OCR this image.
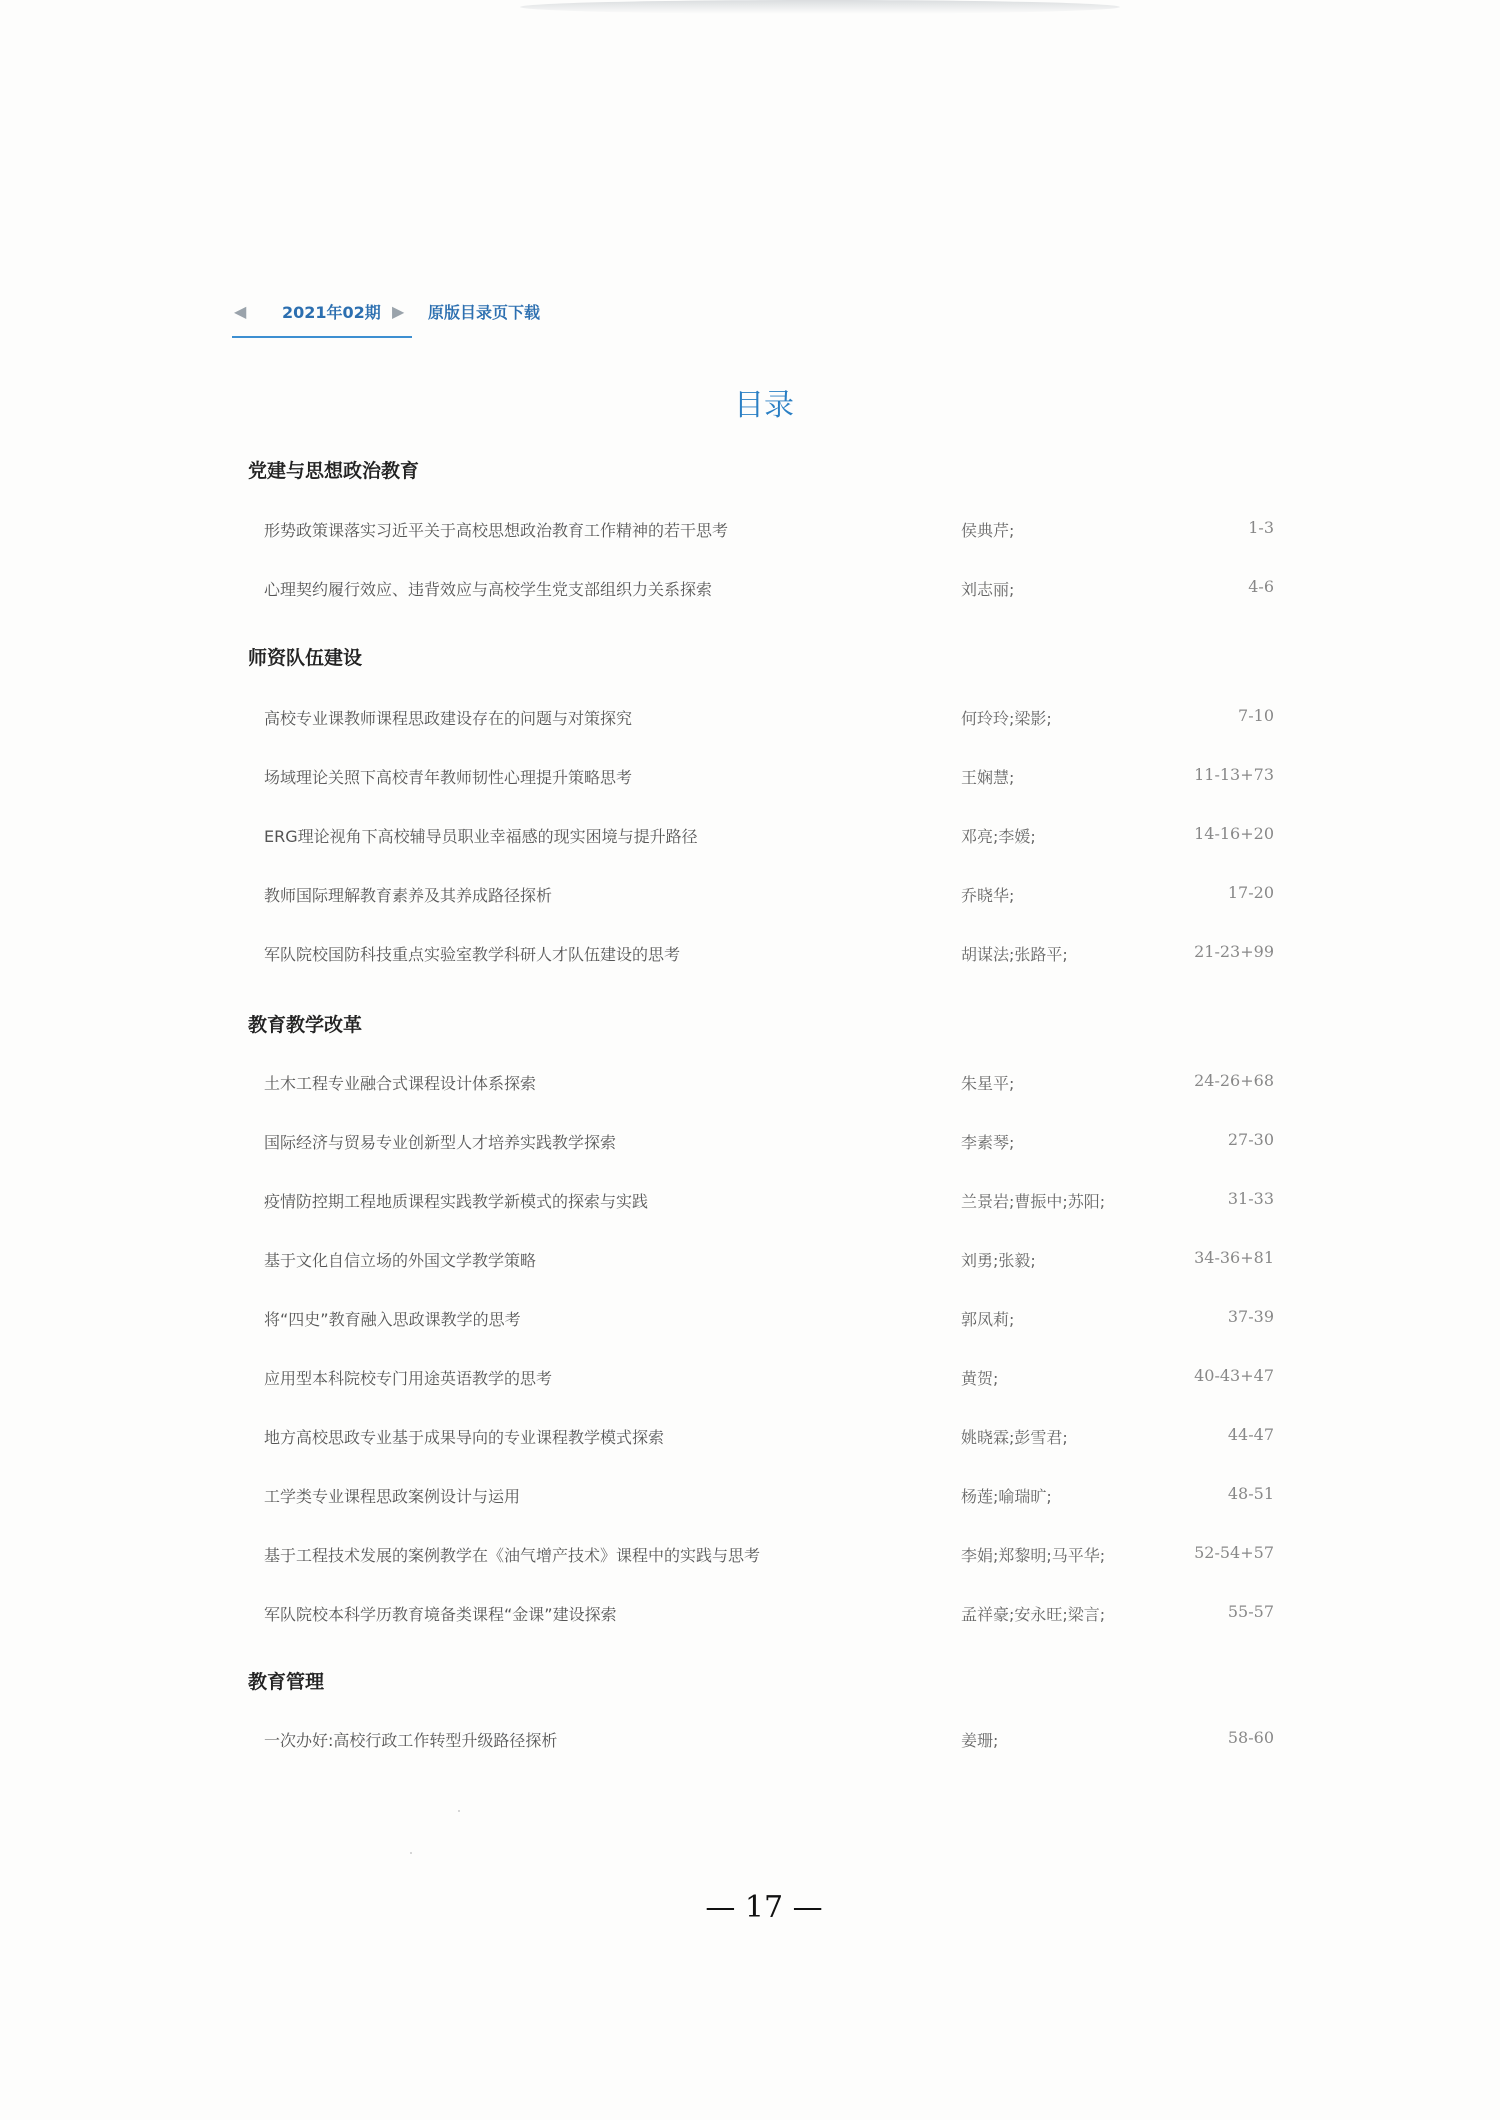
◀ 2021年02期 ▶ 原版目录页下载
目录
党建与思想政治教育
形势政策课落实习近平关于高校思想政治教育工作精神的若干思考	侯典芹;	1-3
心理契约履行效应、违背效应与高校学生党支部组织力关系探索	刘志丽;	4-6
师资队伍建设
高校专业课教师课程思政建设存在的问题与对策探究	何玲玲;梁影;	7-10
场域理论关照下高校青年教师韧性心理提升策略思考	王娴慧;	11-13+73
ERG理论视角下高校辅导员职业幸福感的现实困境与提升路径	邓亮;李媛;	14-16+20
教师国际理解教育素养及其养成路径探析	乔晓华;	17-20
军队院校国防科技重点实验室教学科研人才队伍建设的思考	胡谋法;张路平;	21-23+99
教育教学改革
土木工程专业融合式课程设计体系探索	朱星平;	24-26+68
国际经济与贸易专业创新型人才培养实践教学探索	李素琴;	27-30
疫情防控期工程地质课程实践教学新模式的探索与实践	兰景岩;曹振中;苏阳;	31-33
基于文化自信立场的外国文学教学策略	刘勇;张毅;	34-36+81
将“四史”教育融入思政课教学的思考	郭凤莉;	37-39
应用型本科院校专门用途英语教学的思考	黄贺;	40-43+47
地方高校思政专业基于成果导向的专业课程教学模式探索	姚晓霖;彭雪君;	44-47
工学类专业课程思政案例设计与运用	杨莲;喻瑞旷;	48-51
基于工程技术发展的案例教学在《油气增产技术》课程中的实践与思考	李娟;郑黎明;马平华;	52-54+57
军队院校本科学历教育境备类课程“金课”建设探索	孟祥豪;安永旺;梁言;	55-57
教育管理
一次办好:高校行政工作转型升级路径探析	姜珊;	58-60
— 17 —
